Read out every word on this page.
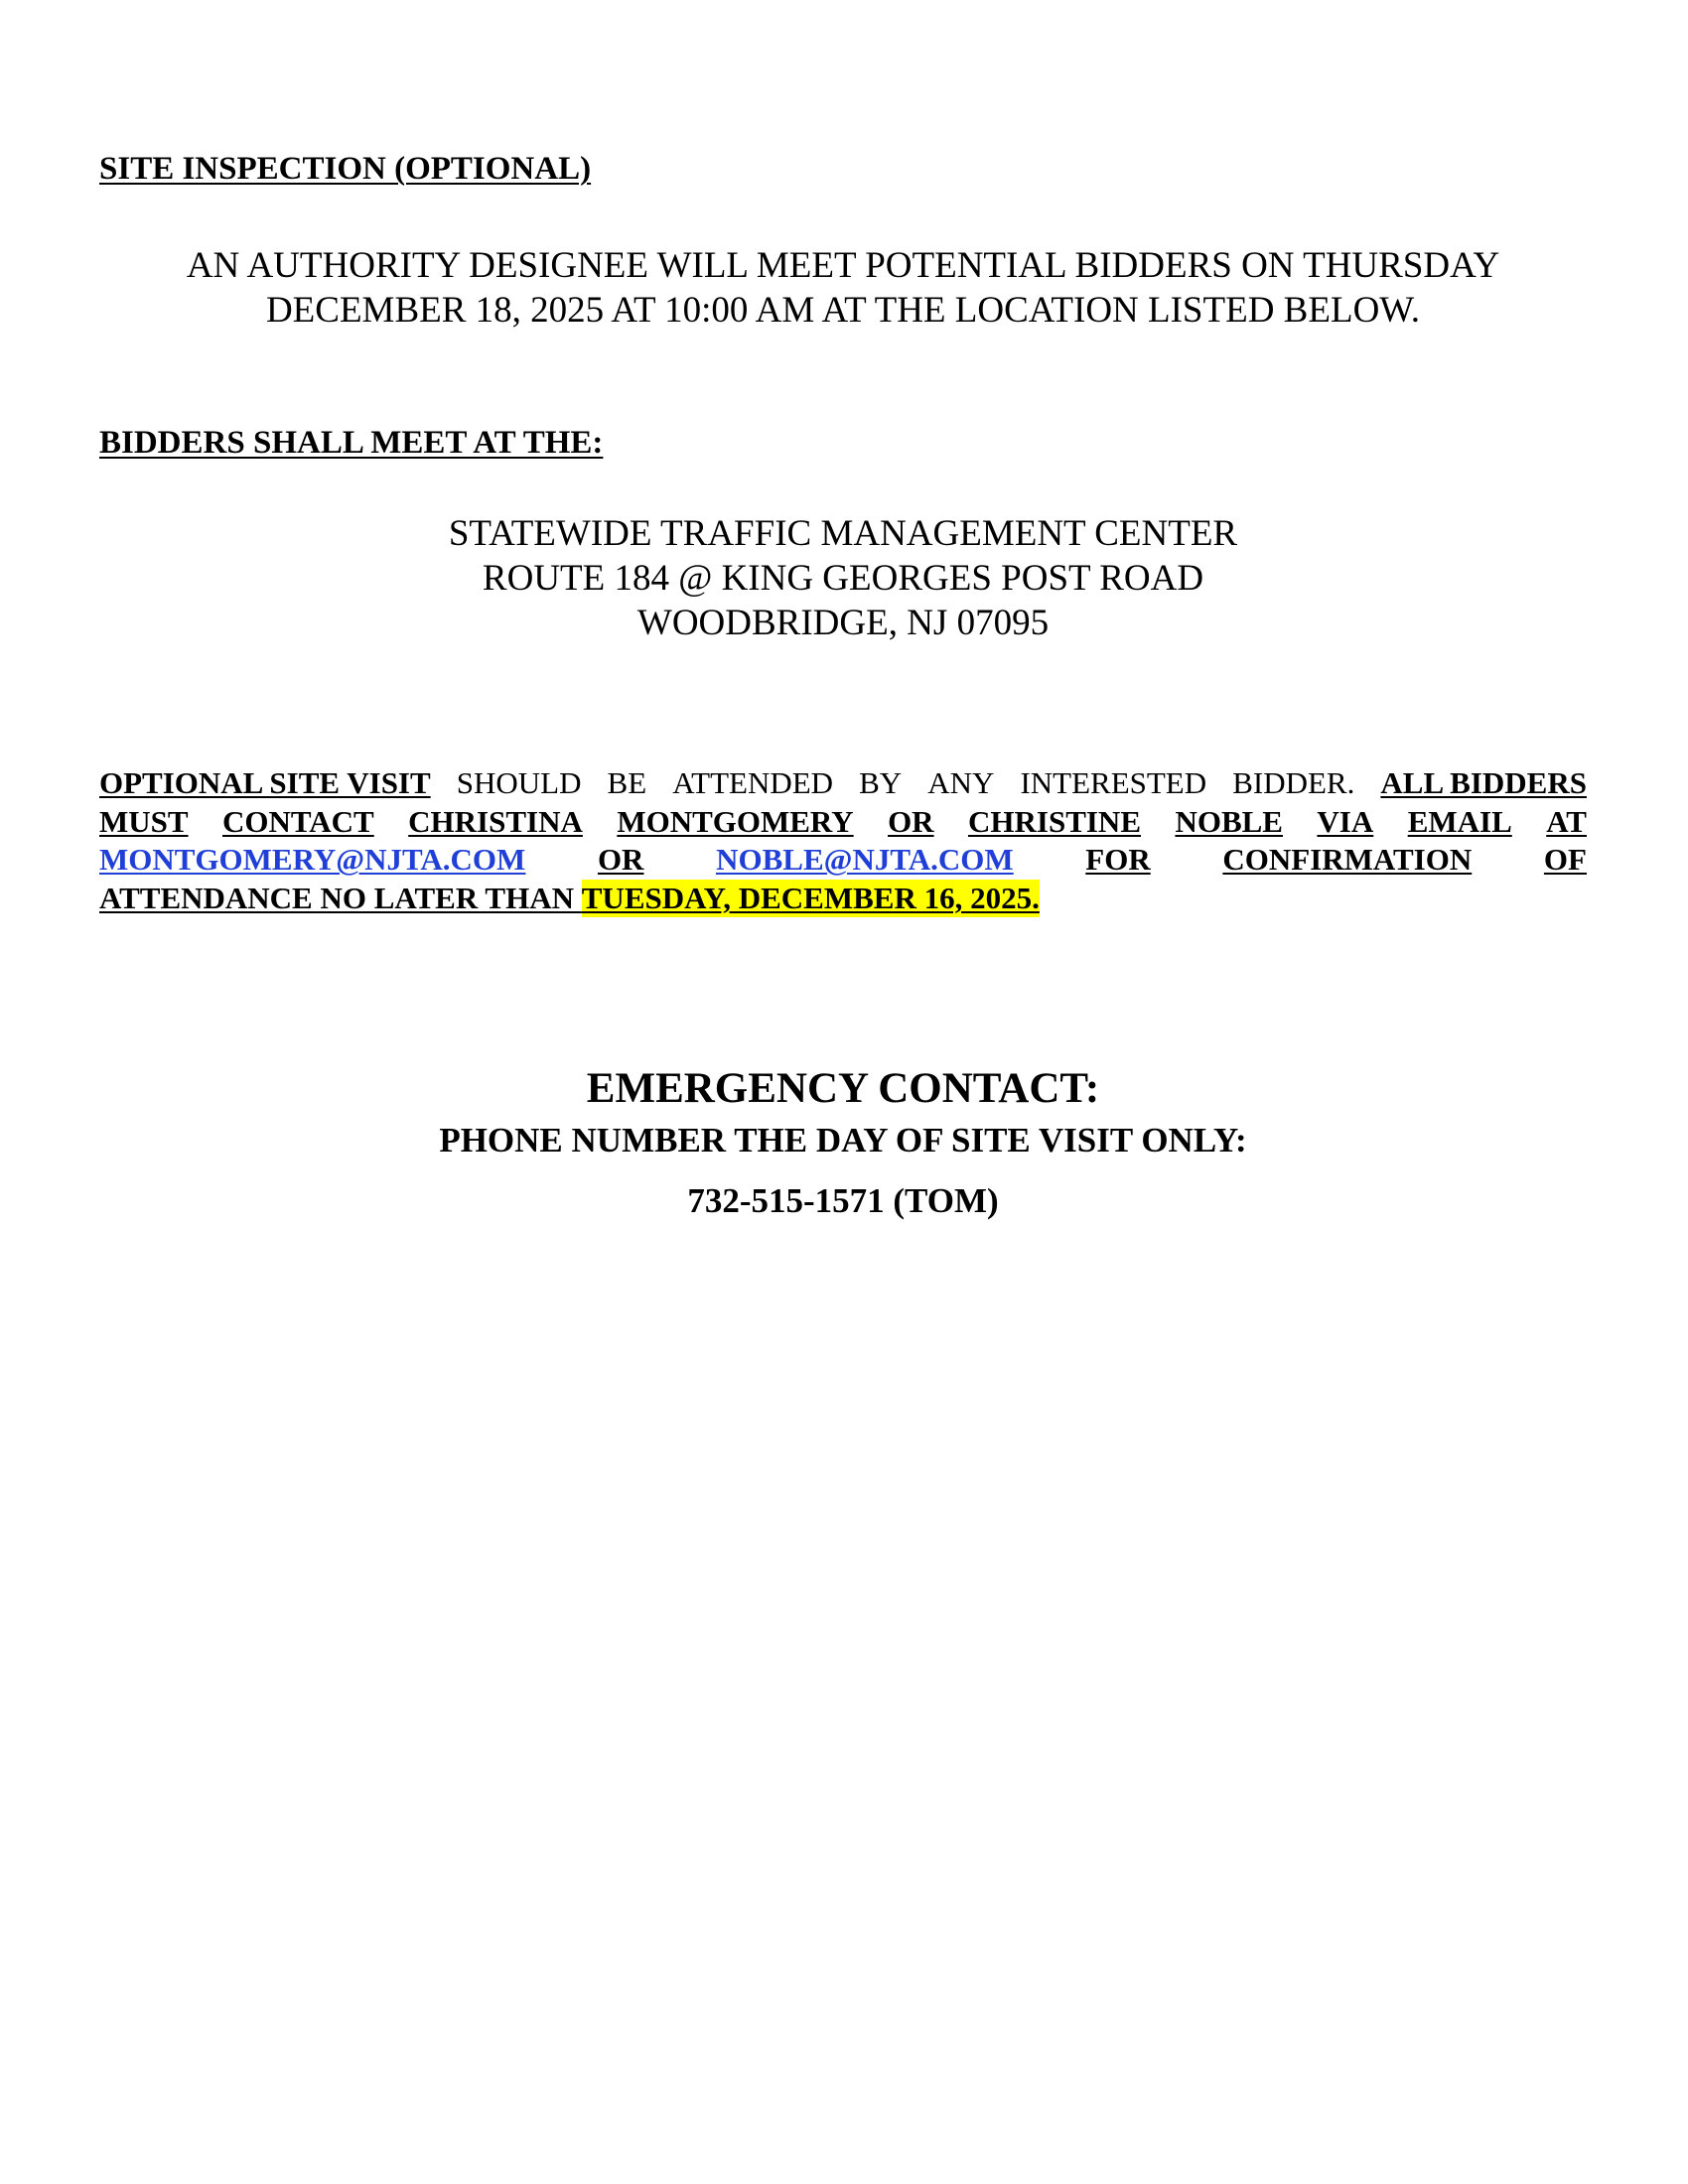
SITE INSPECTION (OPTIONAL)
AN AUTHORITY DESIGNEE WILL MEET POTENTIAL BIDDERS ON THURSDAY
DECEMBER 18, 2025 AT 10:00 AM AT THE LOCATION LISTED BELOW.
BIDDERS SHALL MEET AT THE:
STATEWIDE TRAFFIC MANAGEMENT CENTER
ROUTE 184 @ KING GEORGES POST ROAD
WOODBRIDGE, NJ 07095
OPTIONAL SITE VISIT SHOULD BE ATTENDED BY ANY INTERESTED BIDDER. ALL BIDDERS
MUST CONTACT CHRISTINA MONTGOMERY OR CHRISTINE NOBLE VIA EMAIL AT
MONTGOMERY@NJTA.COM OR NOBLE@NJTA.COM FOR CONFIRMATION OF
ATTENDANCE NO LATER THAN TUESDAY, DECEMBER 16, 2025.
EMERGENCY CONTACT:
PHONE NUMBER THE DAY OF SITE VISIT ONLY:
732-515-1571 (TOM)
